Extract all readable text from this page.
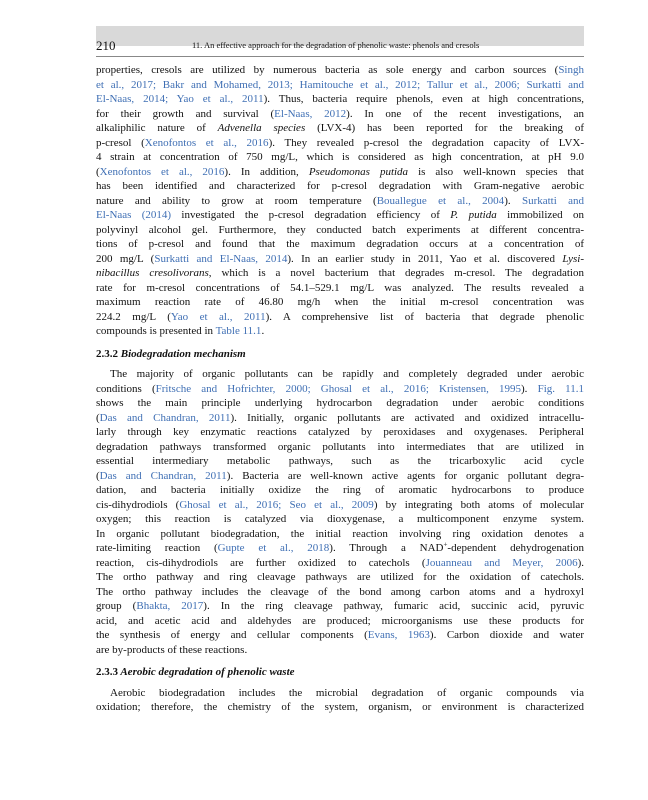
210	11. An effective approach for the degradation of phenolic waste: phenols and cresols
properties, cresols are utilized by numerous bacteria as sole energy and carbon sources (Singh
et al., 2017; Bakr and Mohamed, 2013; Hamitouche et al., 2012; Tallur et al., 2006; Surkatti and
El-Naas, 2014; Yao et al., 2011). Thus, bacteria require phenols, even at high concentrations,
for their growth and survival (El-Naas, 2012). In one of the recent investigations, an
alkaliphilic nature of Advenella species (LVX-4) has been reported for the breaking of
p-cresol (Xenofontos et al., 2016). They revealed p-cresol the degradation capacity of LVX-
4 strain at concentration of 750 mg/L, which is considered as high concentration, at pH 9.0
(Xenofontos et al., 2016). In addition, Pseudomonas putida is also well-known species that
has been identified and characterized for p-cresol degradation with Gram-negative aerobic
nature and ability to grow at room temperature (Bouallegue et al., 2004). Surkatti and
El-Naas (2014) investigated the p-cresol degradation efficiency of P. putida immobilized on
polyvinyl alcohol gel. Furthermore, they conducted batch experiments at different concentra-
tions of p-cresol and found that the maximum degradation occurs at a concentration of
200 mg/L (Surkatti and El-Naas, 2014). In an earlier study in 2011, Yao et al. discovered Lysi-
nibacillus cresolivorans, which is a novel bacterium that degrades m-cresol. The degradation
rate for m-cresol concentrations of 54.1–529.1 mg/L was analyzed. The results revealed a
maximum reaction rate of 46.80 mg/h when the initial m-cresol concentration was
224.2 mg/L (Yao et al., 2011). A comprehensive list of bacteria that degrade phenolic
compounds is presented in Table 11.1.
2.3.2 Biodegradation mechanism
The majority of organic pollutants can be rapidly and completely degraded under aerobic
conditions (Fritsche and Hofrichter, 2000; Ghosal et al., 2016; Kristensen, 1995). Fig. 11.1
shows the main principle underlying hydrocarbon degradation under aerobic conditions
(Das and Chandran, 2011). Initially, organic pollutants are activated and oxidized intracellu-
larly through key enzymatic reactions catalyzed by peroxidases and oxygenases. Peripheral
degradation pathways transformed organic pollutants into intermediates that are utilized in
essential intermediary metabolic pathways, such as the tricarboxylic acid cycle
(Das and Chandran, 2011). Bacteria are well-known active agents for organic pollutant degra-
dation, and bacteria initially oxidize the ring of aromatic hydrocarbons to produce
cis-dihydrodiols (Ghosal et al., 2016; Seo et al., 2009) by integrating both atoms of molecular
oxygen; this reaction is catalyzed via dioxygenase, a multicomponent enzyme system.
In organic pollutant biodegradation, the initial reaction involving ring oxidation denotes a
rate-limiting reaction (Gupte et al., 2018). Through a NAD+-dependent dehydrogenation
reaction, cis-dihydrodiols are further oxidized to catechols (Jouanneau and Meyer, 2006).
The ortho pathway and ring cleavage pathways are utilized for the oxidation of catechols.
The ortho pathway includes the cleavage of the bond among carbon atoms and a hydroxyl
group (Bhakta, 2017). In the ring cleavage pathway, fumaric acid, succinic acid, pyruvic
acid, and acetic acid and aldehydes are produced; microorganisms use these products for
the synthesis of energy and cellular components (Evans, 1963). Carbon dioxide and water
are by-products of these reactions.
2.3.3 Aerobic degradation of phenolic waste
Aerobic biodegradation includes the microbial degradation of organic compounds via
oxidation; therefore, the chemistry of the system, organism, or environment is characterized
